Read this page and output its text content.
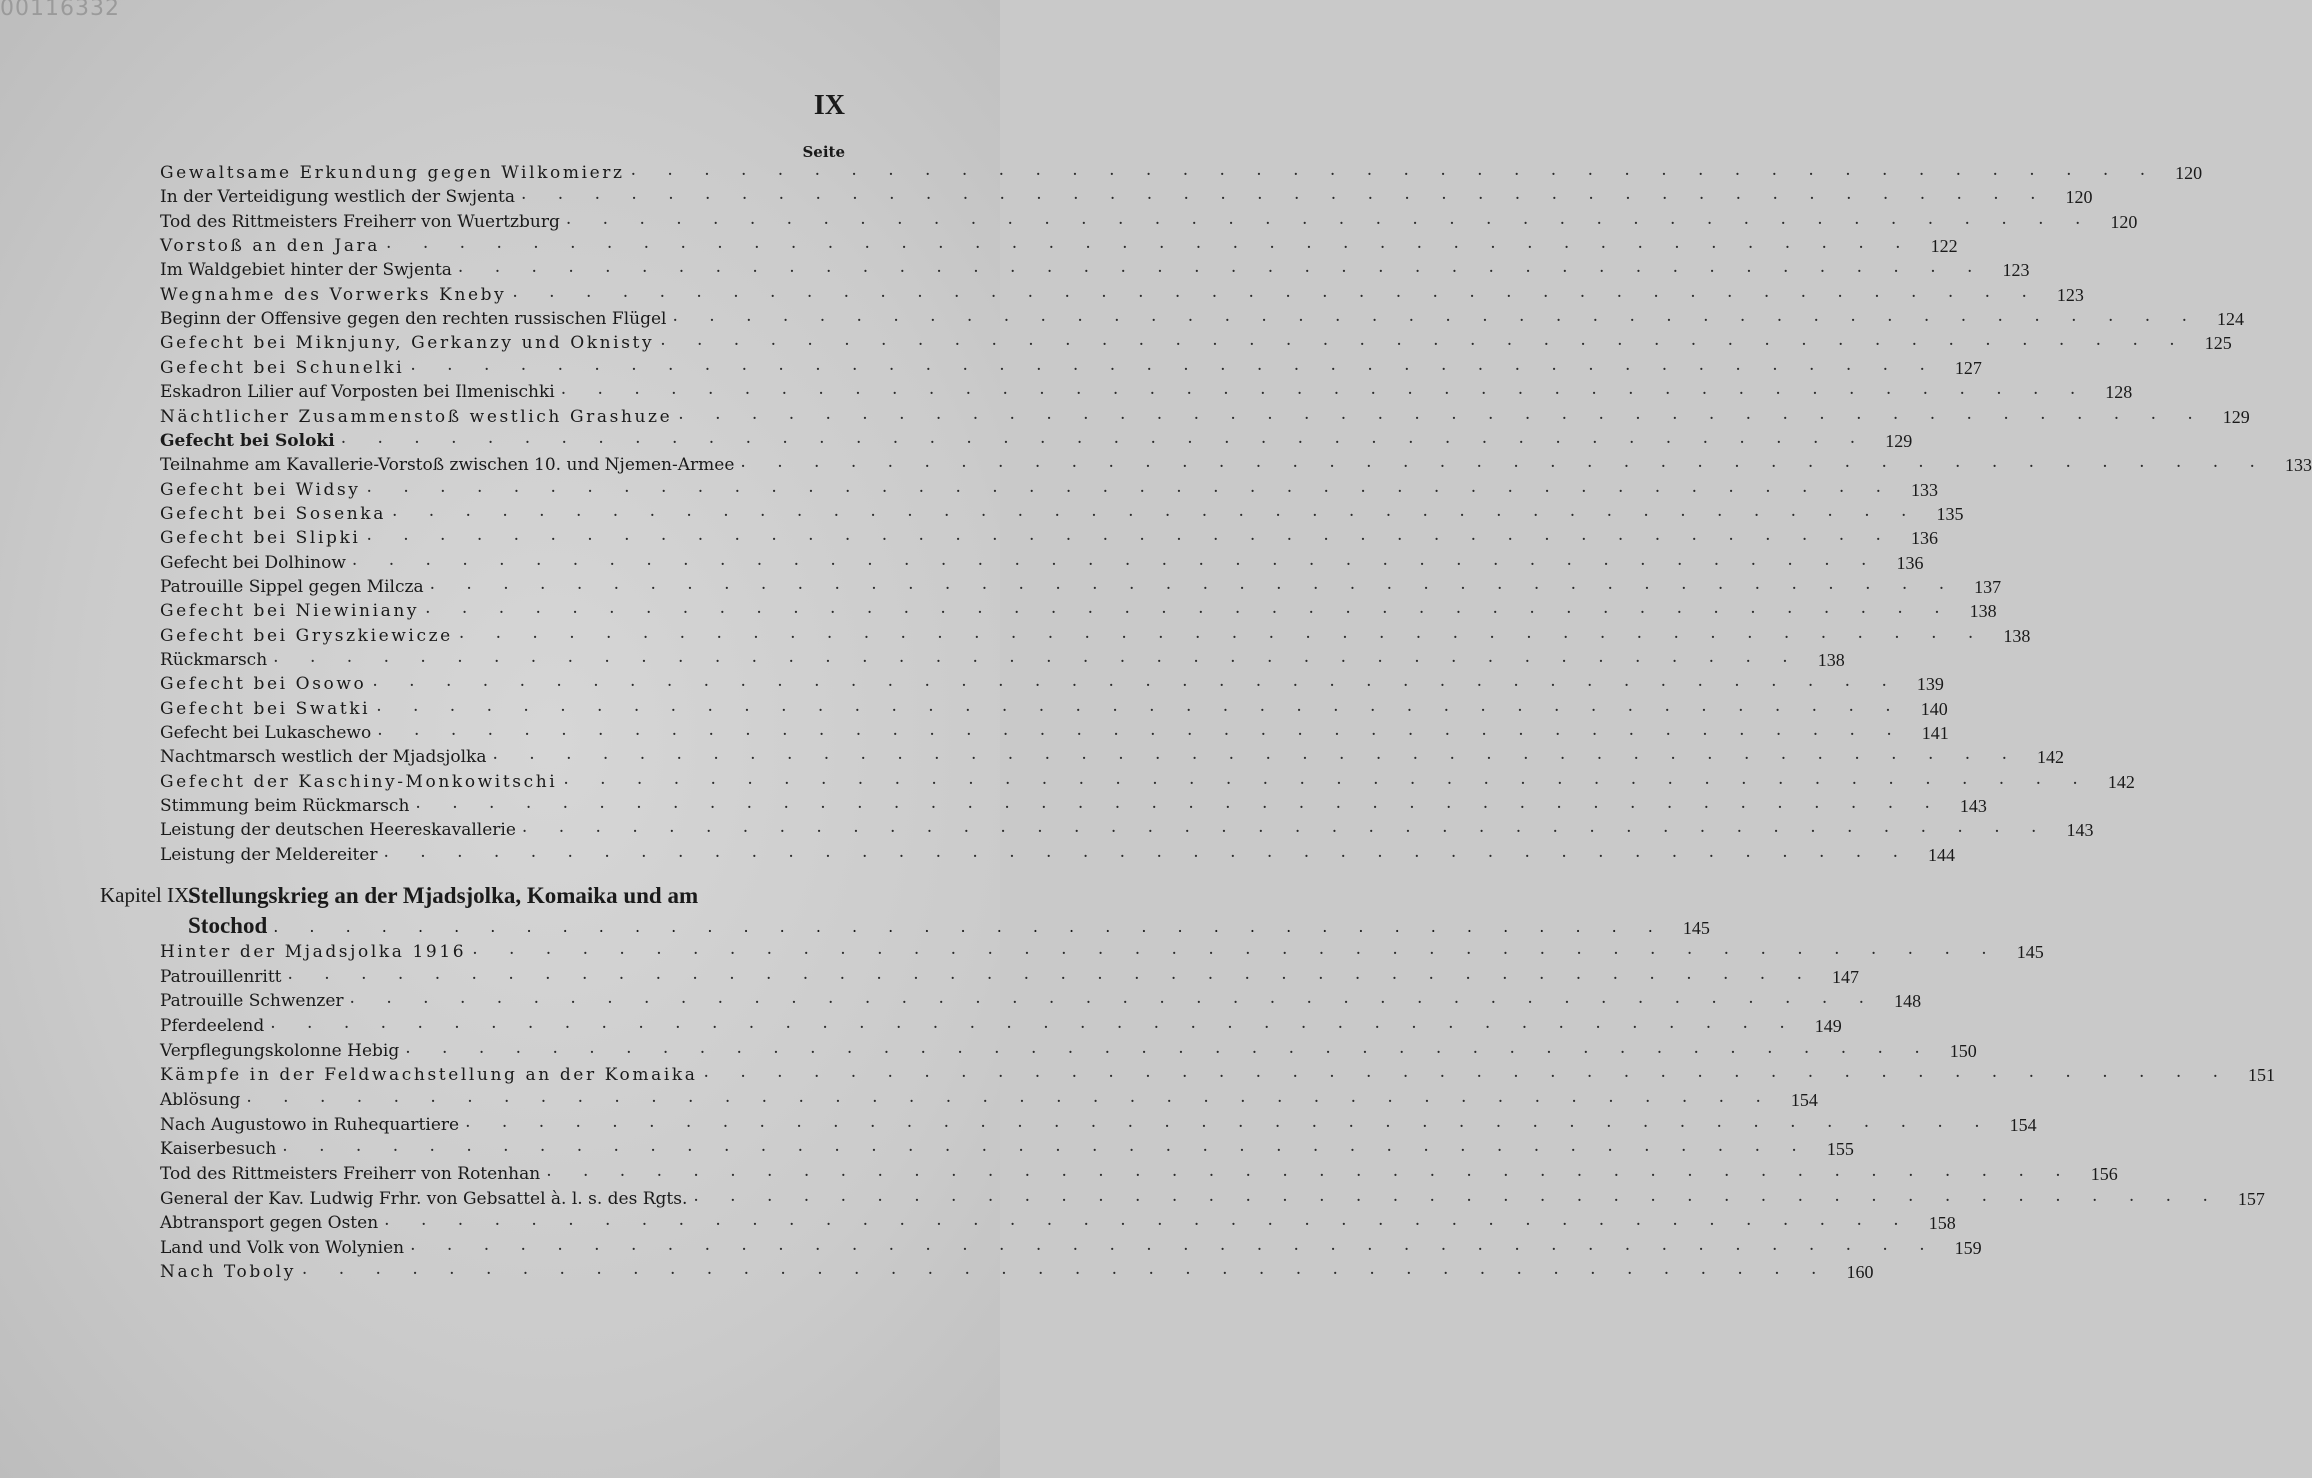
00116332
IX
Seite
Gewaltsame Erkundung gegen Wilkomierz . . . . . . . . . . . . . . . . . . . . . . . . . . . . . . . . . . . . . . . . . . 120
In der Verteidigung westlich der Swjenta . . . . . . . . . . . . . . . . . . . . . . . . . . . . . . . . . . . . . . . . . . 120
Tod des Rittmeisters Freiherr von Wuertzburg . . . . . . . . . . . . . . . . . . . . . . . . . . . . . . . . . . . . . . . . . . 120
Vorstoß an den Jara . . . . . . . . . . . . . . . . . . . . . . . . . . . . . . . . . . . . . . . . . . 122
Im Waldgebiet hinter der Swjenta . . . . . . . . . . . . . . . . . . . . . . . . . . . . . . . . . . . . . . . . . . 123
Wegnahme des Vorwerks Kneby . . . . . . . . . . . . . . . . . . . . . . . . . . . . . . . . . . . . . . . . . . 123
Beginn der Offensive gegen den rechten russischen Flügel . . . . . . . . . . . . . . . . . . . . . . . . . . . . . . . . . . . . . . . . . . 124
Gefecht bei Miknjuny, Gerkanzy und Oknisty . . . . . . . . . . . . . . . . . . . . . . . . . . . . . . . . . . . . . . . . . . 125
Gefecht bei Schunelki . . . . . . . . . . . . . . . . . . . . . . . . . . . . . . . . . . . . . . . . . . 127
Eskadron Lilier auf Vorposten bei Ilmenischki . . . . . . . . . . . . . . . . . . . . . . . . . . . . . . . . . . . . . . . . . . 128
Nächtlicher Zusammenstoß westlich Grashuze . . . . . . . . . . . . . . . . . . . . . . . . . . . . . . . . . . . . . . . . . . 129
Gefecht bei Soloki . . . . . . . . . . . . . . . . . . . . . . . . . . . . . . . . . . . . . . . . . . 129
Teilnahme am Kavallerie-Vorstoß zwischen 10. und Njemen-Armee . . . . . . . . . . . . . . . . . . . . . . . . . . . . . . . . . . . . . . . . . . 133
Gefecht bei Widsy . . . . . . . . . . . . . . . . . . . . . . . . . . . . . . . . . . . . . . . . . . 133
Gefecht bei Sosenka . . . . . . . . . . . . . . . . . . . . . . . . . . . . . . . . . . . . . . . . . . 135
Gefecht bei Slipki . . . . . . . . . . . . . . . . . . . . . . . . . . . . . . . . . . . . . . . . . . 136
Gefecht bei Dolhinow . . . . . . . . . . . . . . . . . . . . . . . . . . . . . . . . . . . . . . . . . . 136
Patrouille Sippel gegen Milcza . . . . . . . . . . . . . . . . . . . . . . . . . . . . . . . . . . . . . . . . . . 137
Gefecht bei Niewiniany . . . . . . . . . . . . . . . . . . . . . . . . . . . . . . . . . . . . . . . . . . 138
Gefecht bei Gryszkiewicze . . . . . . . . . . . . . . . . . . . . . . . . . . . . . . . . . . . . . . . . . . 138
Rückmarsch . . . . . . . . . . . . . . . . . . . . . . . . . . . . . . . . . . . . . . . . . . 138
Gefecht bei Osowo . . . . . . . . . . . . . . . . . . . . . . . . . . . . . . . . . . . . . . . . . . 139
Gefecht bei Swatki . . . . . . . . . . . . . . . . . . . . . . . . . . . . . . . . . . . . . . . . . . 140
Gefecht bei Lukaschewo . . . . . . . . . . . . . . . . . . . . . . . . . . . . . . . . . . . . . . . . . . 141
Nachtmarsch westlich der Mjadsjolka . . . . . . . . . . . . . . . . . . . . . . . . . . . . . . . . . . . . . . . . . . 142
Gefecht der Kaschiny-Monkowitschi . . . . . . . . . . . . . . . . . . . . . . . . . . . . . . . . . . . . . . . . . . 142
Stimmung beim Rückmarsch . . . . . . . . . . . . . . . . . . . . . . . . . . . . . . . . . . . . . . . . . . 143
Leistung der deutschen Heereskavallerie . . . . . . . . . . . . . . . . . . . . . . . . . . . . . . . . . . . . . . . . . . 143
Leistung der Meldereiter . . . . . . . . . . . . . . . . . . . . . . . . . . . . . . . . . . . . . . . . . . 144
Kapitel IX.
Stellungskrieg an der Mjadsjolka, Komaika und am
Stochod . . . . . . . . . . . . . . . . . . . . . . . . . . . . . . . . . . . . . . . 145
Hinter der Mjadsjolka 1916 . . . . . . . . . . . . . . . . . . . . . . . . . . . . . . . . . . . . . . . . . . 145
Patrouillenritt . . . . . . . . . . . . . . . . . . . . . . . . . . . . . . . . . . . . . . . . . . 147
Patrouille Schwenzer . . . . . . . . . . . . . . . . . . . . . . . . . . . . . . . . . . . . . . . . . . 148
Pferdeelend . . . . . . . . . . . . . . . . . . . . . . . . . . . . . . . . . . . . . . . . . . 149
Verpflegungskolonne Hebig . . . . . . . . . . . . . . . . . . . . . . . . . . . . . . . . . . . . . . . . . . 150
Kämpfe in der Feldwachstellung an der Komaika . . . . . . . . . . . . . . . . . . . . . . . . . . . . . . . . . . . . . . . . . . 151
Ablösung . . . . . . . . . . . . . . . . . . . . . . . . . . . . . . . . . . . . . . . . . . 154
Nach Augustowo in Ruhequartiere . . . . . . . . . . . . . . . . . . . . . . . . . . . . . . . . . . . . . . . . . . 154
Kaiserbesuch . . . . . . . . . . . . . . . . . . . . . . . . . . . . . . . . . . . . . . . . . . 155
Tod des Rittmeisters Freiherr von Rotenhan . . . . . . . . . . . . . . . . . . . . . . . . . . . . . . . . . . . . . . . . . . 156
General der Kav. Ludwig Frhr. von Gebsattel à. l. s. des Rgts. . . . . . . . . . . . . . . . . . . . . . . . . . . . . . . . . . . . . . . . . . . 157
Abtransport gegen Osten . . . . . . . . . . . . . . . . . . . . . . . . . . . . . . . . . . . . . . . . . . 158
Land und Volk von Wolynien . . . . . . . . . . . . . . . . . . . . . . . . . . . . . . . . . . . . . . . . . . 159
Nach Toboly . . . . . . . . . . . . . . . . . . . . . . . . . . . . . . . . . . . . . . . . . . 160
